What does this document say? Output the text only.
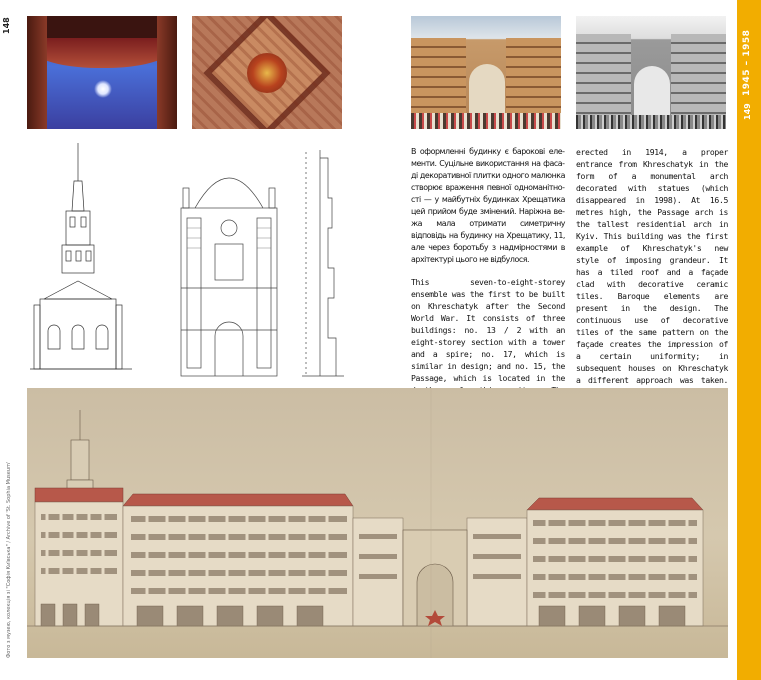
1945 – 1958
148
149

В оформленні будинку є барокові елементи. Суцільне використання на фасаді декоративної плитки одного малюнка створює враження певної одноманітності — у майбутніх будинках Хрещатика цей прийом буде змінений. Наріжна вежа мала отримати симетричну відповідь на будинку на Хрещатику, 11, але через боротьбу з надмірностями в архітектурі цього не відбулося.

This seven-to-eight-storey ensemble was the first to be built on Khreschatyk after the Second World War. It consists of three buildings: no. 13 / 2 with an eight-storey section with a tower and a spire; no. 17, which is similar in design; and no. 15, the Passage, which is located in the

erected in 1914, a proper entrance from Khreschatyk in the form of a monumental arch decorated with statues (which disappeared in 1998). At 16.5 metres high, the Passage arch is the tallest residential arch in Kyiv. This building was the first example of Khreschatyk's new style of imposing grandeur. It has a tiled roof and a façade clad with decorative ceramic tiles. Baroque elements are present in the design. The continuous use of decorative tiles of the same pattern on the façade creates the impression of a certain uniformity; in subsequent houses on Khreschatyk a different approach was taken.

Фото з музею, колекція зі "Софія Київська" / Archive of 'St. Sophia Museum'
